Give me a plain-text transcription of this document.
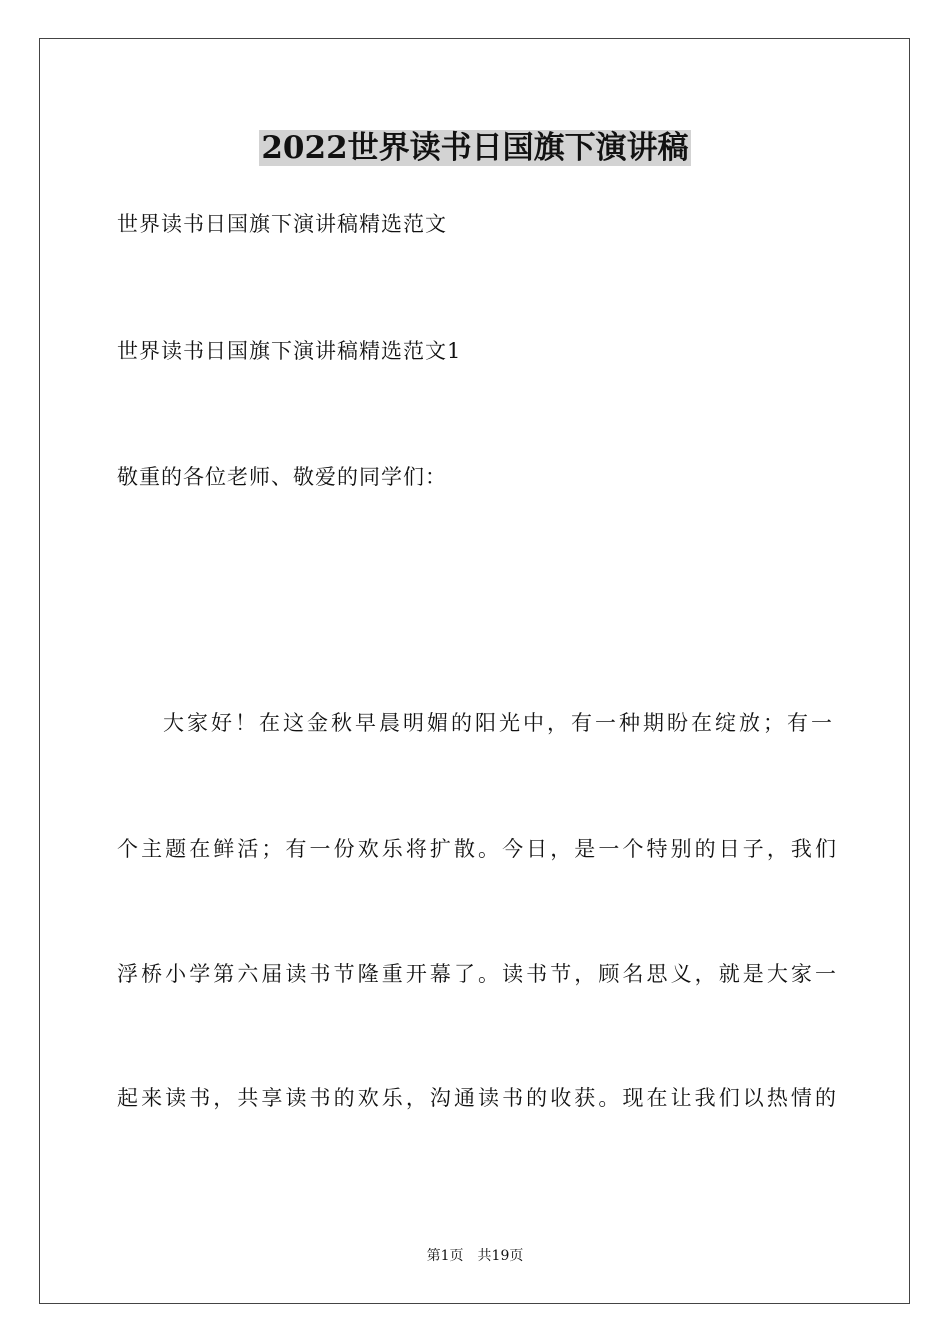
2022世界读书日国旗下演讲稿
世界读书日国旗下演讲稿精选范文
世界读书日国旗下演讲稿精选范文1
敬重的各位老师、敬爱的同学们：
大家好！在这金秋早晨明媚的阳光中，有一种期盼在绽放；有一
个主题在鲜活；有一份欢乐将扩散。今日，是一个特别的日子，我们
浮桥小学第六届读书节隆重开幕了。读书节，顾名思义，就是大家一
起来读书，共享读书的欢乐，沟通读书的收获。现在让我们以热情的
第1页 共19页
